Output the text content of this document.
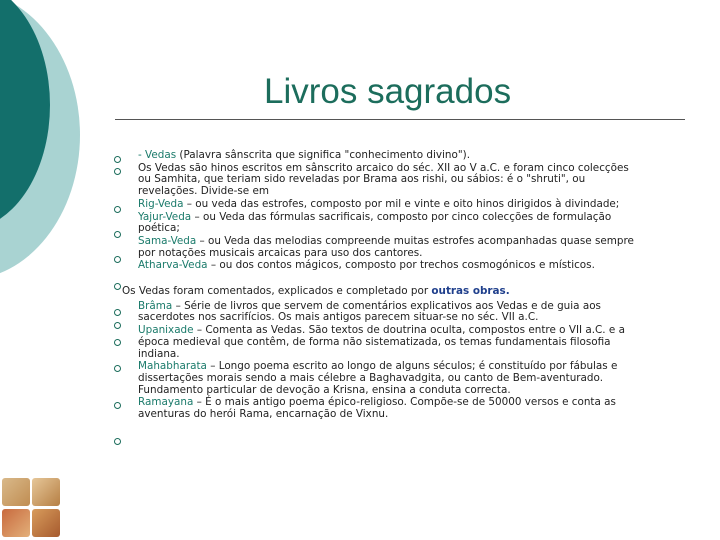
Livros sagrados

- Vedas (Palavra sânscrita que significa "conhecimento divino").

Os Vedas são hinos escritos em sânscrito arcaico do séc. XII ao V a.C. e foram cinco colecções ou Samhita, que teriam sido reveladas por Brama aos rishi, ou sábios: é o "shruti", ou revelações. Divide-se em

Rig-Veda – ou veda das estrofes, composto por mil e vinte e oito hinos dirigidos à divindade;

Yajur-Veda – ou Veda das fórmulas sacrificais, composto por cinco colecções de formulação poética;

Sama-Veda – ou Veda das melodias compreende muitas estrofes acompanhadas quase sempre por notações musicais arcaicas para uso dos cantores.

Atharva-Veda – ou dos contos mágicos, composto por trechos cosmogónicos e místicos.

Os Vedas foram comentados, explicados e completado por outras obras.

Brâma – Série de livros que servem de comentários explicativos aos Vedas e de guia aos sacerdotes nos sacrifícios. Os mais antigos parecem situar-se no séc. VII a.C.

Upanixade – Comenta as Vedas. São textos de doutrina oculta, compostos entre o VII a.C. e a época medieval que contêm, de forma não sistematizada, os temas fundamentais filosofia indiana.

Mahabharata – Longo poema escrito ao longo de alguns séculos; é constituído por fábulas e dissertações morais sendo a mais célebre a Baghavadgita, ou canto de Bem-aventurado. Fundamento particular de devoção a Krisna, ensina a conduta correcta.

Ramayana – É o mais antigo poema épico-religioso. Compõe-se de 50000 versos e conta as aventuras do herói Rama, encarnação de Vixnu.
